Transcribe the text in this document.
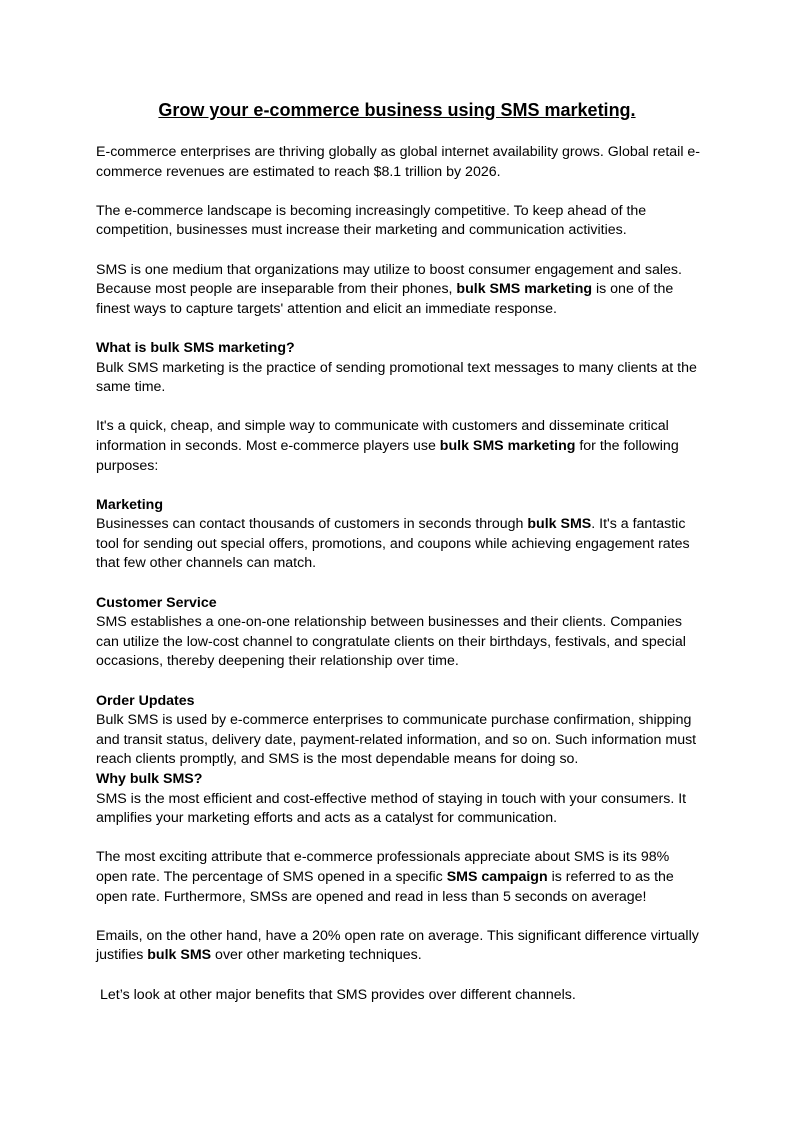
Grow your e-commerce business using SMS marketing.

E-commerce enterprises are thriving globally as global internet availability grows. Global retail e-commerce revenues are estimated to reach $8.1 trillion by 2026.

The e-commerce landscape is becoming increasingly competitive. To keep ahead of the competition, businesses must increase their marketing and communication activities.

SMS is one medium that organizations may utilize to boost consumer engagement and sales. Because most people are inseparable from their phones, bulk SMS marketing is one of the finest ways to capture targets' attention and elicit an immediate response.

What is bulk SMS marketing?
Bulk SMS marketing is the practice of sending promotional text messages to many clients at the same time.

It's a quick, cheap, and simple way to communicate with customers and disseminate critical information in seconds. Most e-commerce players use bulk SMS marketing for the following purposes:

Marketing
Businesses can contact thousands of customers in seconds through bulk SMS. It's a fantastic tool for sending out special offers, promotions, and coupons while achieving engagement rates that few other channels can match.

Customer Service
SMS establishes a one-on-one relationship between businesses and their clients. Companies can utilize the low-cost channel to congratulate clients on their birthdays, festivals, and special occasions, thereby deepening their relationship over time.

Order Updates
Bulk SMS is used by e-commerce enterprises to communicate purchase confirmation, shipping and transit status, delivery date, payment-related information, and so on. Such information must reach clients promptly, and SMS is the most dependable means for doing so.

Why bulk SMS?
SMS is the most efficient and cost-effective method of staying in touch with your consumers. It amplifies your marketing efforts and acts as a catalyst for communication.

The most exciting attribute that e-commerce professionals appreciate about SMS is its 98% open rate. The percentage of SMS opened in a specific SMS campaign is referred to as the open rate. Furthermore, SMSs are opened and read in less than 5 seconds on average!

Emails, on the other hand, have a 20% open rate on average. This significant difference virtually justifies bulk SMS over other marketing techniques.

Let’s look at other major benefits that SMS provides over different channels.
